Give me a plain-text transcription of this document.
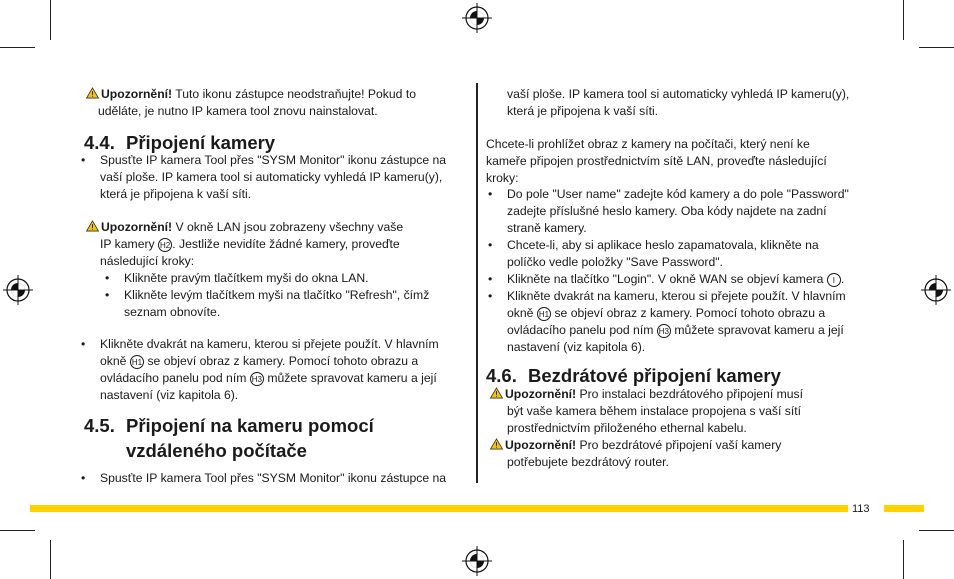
Upozornění! Tuto ikonu zástupce neodstraňujte! Pokud to
uděláte, je nutno IP kamera tool znovu nainstalovat.
4.4. Připojení kamery
• Spusťte IP kamera Tool přes "SYSM Monitor" ikonu zástupce na
vaší ploše. IP kamera tool si automaticky vyhledá IP kameru(y),
která je připojena k vaší síti.
Upozornění! V okně LAN jsou zobrazeny všechny vaše
IP kamery H2 . Jestliže nevidíte žádné kamery, proveďte
následující kroky:
• Klikněte pravým tlačítkem myši do okna LAN.
• Klikněte levým tlačítkem myši na tlačítko "Refresh", čímž
seznam obnovíte.
• Klikněte dvakrát na kameru, kterou si přejete použít. V hlavním
okně H1 se objeví obraz z kamery. Pomocí tohoto obrazu a
ovládacího panelu pod ním H3 můžete spravovat kameru a její
nastavení (viz kapitola 6).
4.5. Připojení na kameru pomocí
vzdáleného počítače
• Spusťte IP kamera Tool přes "SYSM Monitor" ikonu zástupce na
vaší ploše. IP kamera tool si automaticky vyhledá IP kameru(y),
která je připojena k vaší síti.
Chcete-li prohlížet obraz z kamery na počítači, který není ke
kameře připojen prostřednictvím sítě LAN, proveďte následující
kroky:
• Do pole "User name" zadejte kód kamery a do pole "Password"
zadejte příslušné heslo kamery. Oba kódy najdete na zadní
straně kamery.
• Chcete-li, aby si aplikace heslo zapamatovala, klikněte na
políčko vedle položky "Save Password".
• Klikněte na tlačítko "Login". V okně WAN se objeví kamera I .
• Klikněte dvakrát na kameru, kterou si přejete použít. V hlavním
okně H1 se objeví obraz z kamery. Pomocí tohoto obrazu a
ovládacího panelu pod ním H3 můžete spravovat kameru a její
nastavení (viz kapitola 6).
4.6. Bezdrátové připojení kamery
Upozornění! Pro instalaci bezdrátového připojení musí
být vaše kamera během instalace propojena s vaší sítí
prostřednictvím přiloženého ethernal kabelu.
Upozornění! Pro bezdrátové připojení vaší kamery
potřebujete bezdrátový router.
113
